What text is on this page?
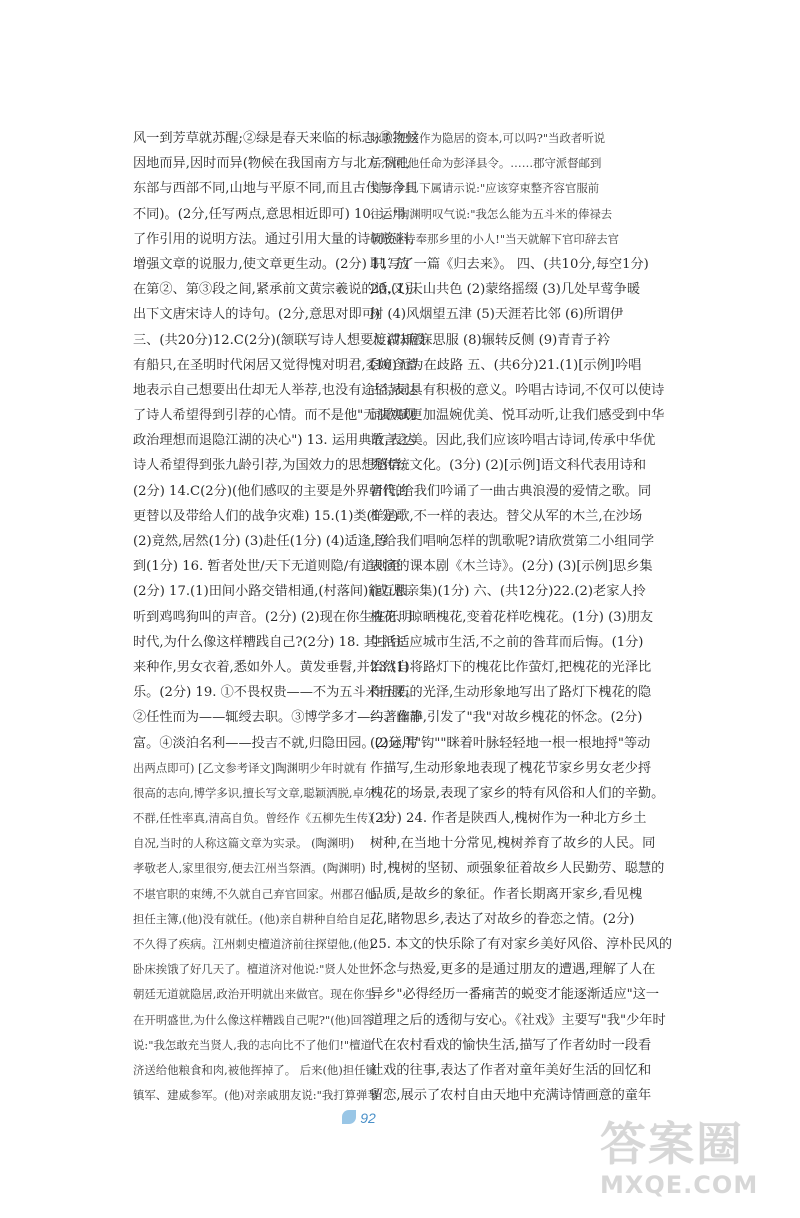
风一到芳草就苏醒;②绿是春天来临的标志;③物候
因地而异,因时而异(物候在我国南方与北方不同,
东部与西部不同,山地与平原不同,而且古代与今日
不同)。(2分,任写两点,意思相近即可) 10. 运用
了作引用的说明方法。通过引用大量的诗词资料,
增强文章的说服力,使文章更生动。(2分) 11. 放
在第②、第③段之间,紧承前文黄宗羲说的话,又引
出下文唐宋诗人的诗句。(2分,意思对即可)
三、(共20分)12.C(2分)(颔联写诗人想要渡湖却没
有船只,在圣明时代闲居又觉得愧对明君,委婉含蓄
地表示自己想要出仕却无人举荐,也没有途径,表达
了诗人希望得到引荐的心情。而不是他"无法实现
政治理想而退隐江湖的决心") 13. 运用典故,表达
诗人希望得到张九龄引荐,为国效力的思想感情。
(2分) 14.C(2分)(他们感叹的主要是外界朝代的
更替以及带给人们的战争灾难) 15.(1)类(1分)
(2)竟然,居然(1分) (3)赴任(1分) (4)适逢,等
到(1分) 16. 暂者处世/天下无道则隐/有道则至
(2分) 17.(1)田间小路交错相通,(村落间)能互相
听到鸡鸣狗叫的声音。(2分) (2)现在你生在开明
时代,为什么像这样糟践自己?(2分) 18. 其中往
来种作,男女衣着,悉如外人。黄发垂髫,并怡然自
乐。(2分) 19. ①不畏权贵——不为五斗米折腰。
②任性而为——辄绶去职。③博学多才——著作丰
富。④淡泊名利——投吉不就,归隐田园。(2分,写
出两点即可) [乙文参考译文]陶渊明少年时就有
很高的志向,博学多识,擅长写文章,聪颖洒脱,卓尔
不群,任性率真,清高自负。曾经作《五柳先生传》以
自况,当时的人称这篇文章为实录。 (陶渊明)
孝敬老人,家里很穷,便去江州当祭酒。(陶渊明)
不堪官职的束缚,不久就自己弃官回家。州郡召他
担任主簿,(他)没有就任。(他)亲自耕种自给自足,
不久得了疾病。江州刺史檀道济前往探望他,(他)
卧床挨饿了好几天了。檀道济对他说:"贤人处世,
朝廷无道就隐居,政治开明就出来做官。现在你生
在开明盛世,为什么像这样糟践自己呢?"(他)回答
说:"我怎敢充当贤人,我的志向比不了他们!"檀道
济送给他粮食和肉,被他挥掉了。 后来(他)担任镇
镇军、建威参军。(他)对亲戚朋友说:"我打算弹琴
咏歌,把这作为隐居的资本,可以吗?"当政者听说
后,就把他任命为彭泽县令。……郡守派督邮到
到彭泽县,下属请示说:"应该穿束整齐容官服前
往。"陶渊明叹气说:"我怎么能为五斗米的俸禄去
敬敬业侍奉那乡里的小人!"当天就解下官印辞去官
职,写了一篇《归去来》。 四、(共10分,每空1分)
20.(1)天山共色 (2)蒙络摇缀 (3)几处早莺争暖
树 (4)风烟望五津 (5)天涯若比邻 (6)所谓伊
人 (7)寤寐思服 (8)辗转反侧 (9)青青子衿
(10)无为在歧路 五、(共6分)21.(1)[示例]吟唱
古诗词具有积极的意义。吟唱古诗词,不仅可以使诗
词歌赋更加温婉优美、悦耳动听,让我们感受到中华
语言之美。因此,我们应该吟唱古诗词,传承中华优
秀传统文化。(3分) (2)[示例]语文科代表用诗和
音符,给我们吟诵了一曲古典浪漫的爱情之歌。同
样是歌,不一样的表达。替父从军的木兰,在沙场
上给我们唱响怎样的凯歌呢?请欣赏第二小组同学
表演的课本剧《木兰诗》。(2分) (3)[示例]思乡集
(或:思亲集)(1分) 六、(共12分)22.(2)老家人拎
槐花、晾晒槐花,变着花样吃槐花。(1分) (3)朋友
生活适应城市生活,不之前的昝茸而后悔。(1分)
23.(1)将路灯下的槐花比作萤灯,把槐花的光泽比
作玉石的光泽,生动形象地写出了路灯下槐花的隐
约、幽静,引发了"我"对故乡槐花的怀念。(2分)
(2)运用"钩""眯着叶脉轻轻地一根一根地捋"等动
作描写,生动形象地表现了槐花节家乡男女老少捋
槐花的场景,表现了家乡的特有风俗和人们的辛勤。
(2分) 24. 作者是陕西人,槐树作为一种北方乡土
树种,在当地十分常见,槐树养育了故乡的人民。同
时,槐树的坚韧、顽强象征着故乡人民勤劳、聪慧的
品质,是故乡的象征。作者长期离开家乡,看见槐
花,睹物思乡,表达了对故乡的眷恋之情。(2分)
25. 本文的快乐除了有对家乡美好风俗、淳朴民风的
怀念与热爱,更多的是通过朋友的遭遇,理解了人在
异乡"必得经历一番痛苦的蜕变才能逐渐适应"这一
道理之后的透彻与安心。《社戏》主要写"我"少年时
代在农村看戏的愉快生活,描写了作者幼时一段看
社戏的往事,表达了作者对童年美好生活的回忆和
留恋,展示了农村自由天地中充满诗情画意的童年
92	答案圈
MXQE.COM
